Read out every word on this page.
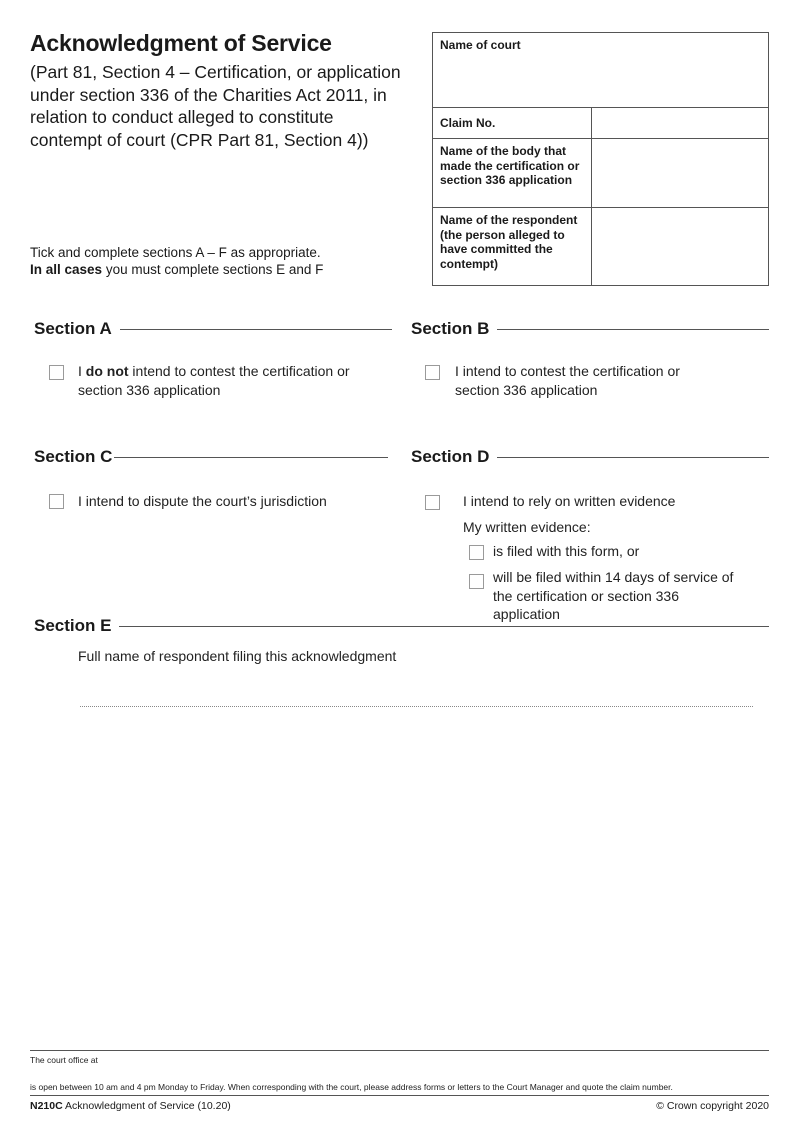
Acknowledgment of Service
(Part 81, Section 4 – Certification, or application under section 336 of the Charities Act 2011, in relation to conduct alleged to constitute contempt of court (CPR Part 81, Section 4))
Tick and complete sections A – F as appropriate.
In all cases you must complete sections E and F
Name of court
Claim No.
Name of the body that made the certification or section 336 application
Name of the respondent (the person alleged to have committed the contempt)
Section A
I do not intend to contest the certification or section 336 application
Section B
I intend to contest the certification or section 336 application
Section C
I intend to dispute the court’s jurisdiction
Section D
I intend to rely on written evidence
My written evidence:
is filed with this form, or
will be filed within 14 days of service of the certification or section 336 application
Section E
Full name of respondent filing this acknowledgment
The court office at
is open between 10 am and 4 pm Monday to Friday. When corresponding with the court, please address forms or letters to the Court Manager and quote the claim number.
N210C Acknowledgment of Service (10.20)	© Crown copyright 2020
